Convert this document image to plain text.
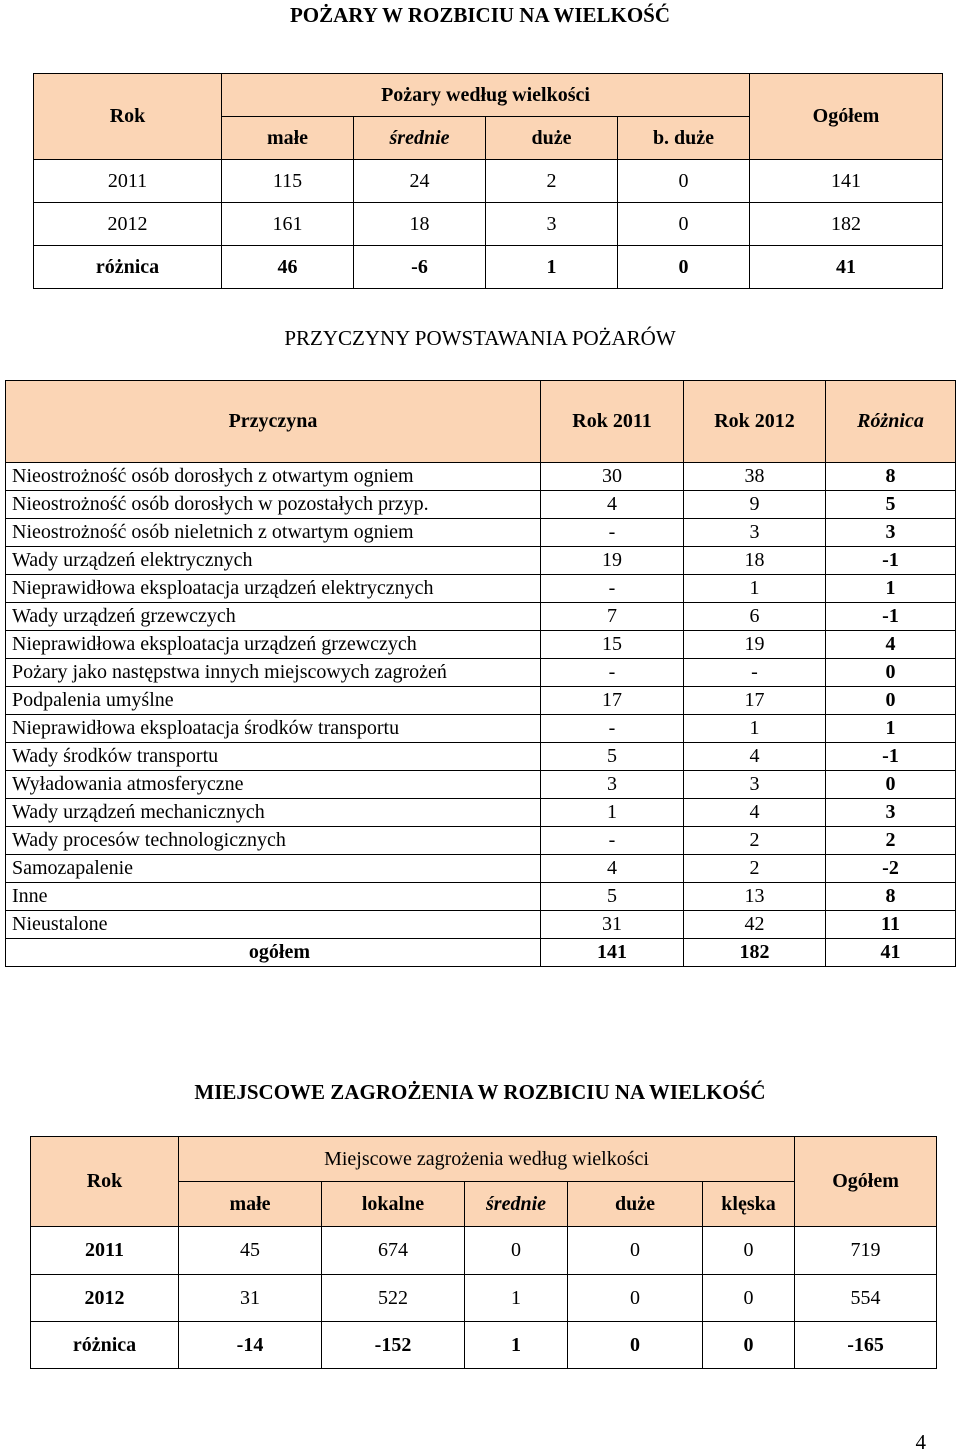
POŻARY W ROZBICIU NA WIELKOŚĆ
Rok	Pożary według wielkości				Ogółem
	małe	średnie	duże	b. duże	
2011	115	24	2	0	141
2012	161	18	3	0	182
różnica	46	-6	1	0	41
PRZYCZYNY POWSTAWANIA POŻARÓW
Przyczyna	Rok 2011	Rok 2012	Różnica
Nieostrożność osób dorosłych z otwartym ogniem	30	38	8
Nieostrożność osób dorosłych w pozostałych przyp.	4	9	5
Nieostrożność osób nieletnich z otwartym ogniem	-	3	3
Wady urządzeń elektrycznych	19	18	-1
Nieprawidłowa eksploatacja urządzeń elektrycznych	-	1	1
Wady urządzeń grzewczych	7	6	-1
Nieprawidłowa eksploatacja urządzeń grzewczych	15	19	4
Pożary jako następstwa innych miejscowych zagrożeń	-	-	0
Podpalenia umyślne	17	17	0
Nieprawidłowa eksploatacja środków transportu	-	1	1
Wady środków transportu	5	4	-1
Wyładowania atmosferyczne	3	3	0
Wady urządzeń mechanicznych	1	4	3
Wady procesów technologicznych	-	2	2
Samozapalenie	4	2	-2
Inne	5	13	8
Nieustalone	31	42	11
ogółem	141	182	41
MIEJSCOWE ZAGROŻENIA W ROZBICIU NA WIELKOŚĆ
Rok	Miejscowe zagrożenia według wielkości					Ogółem
	małe	lokalne	średnie	duże	klęska	
2011	45	674	0	0	0	719
2012	31	522	1	0	0	554
różnica	-14	-152	1	0	0	-165
4
